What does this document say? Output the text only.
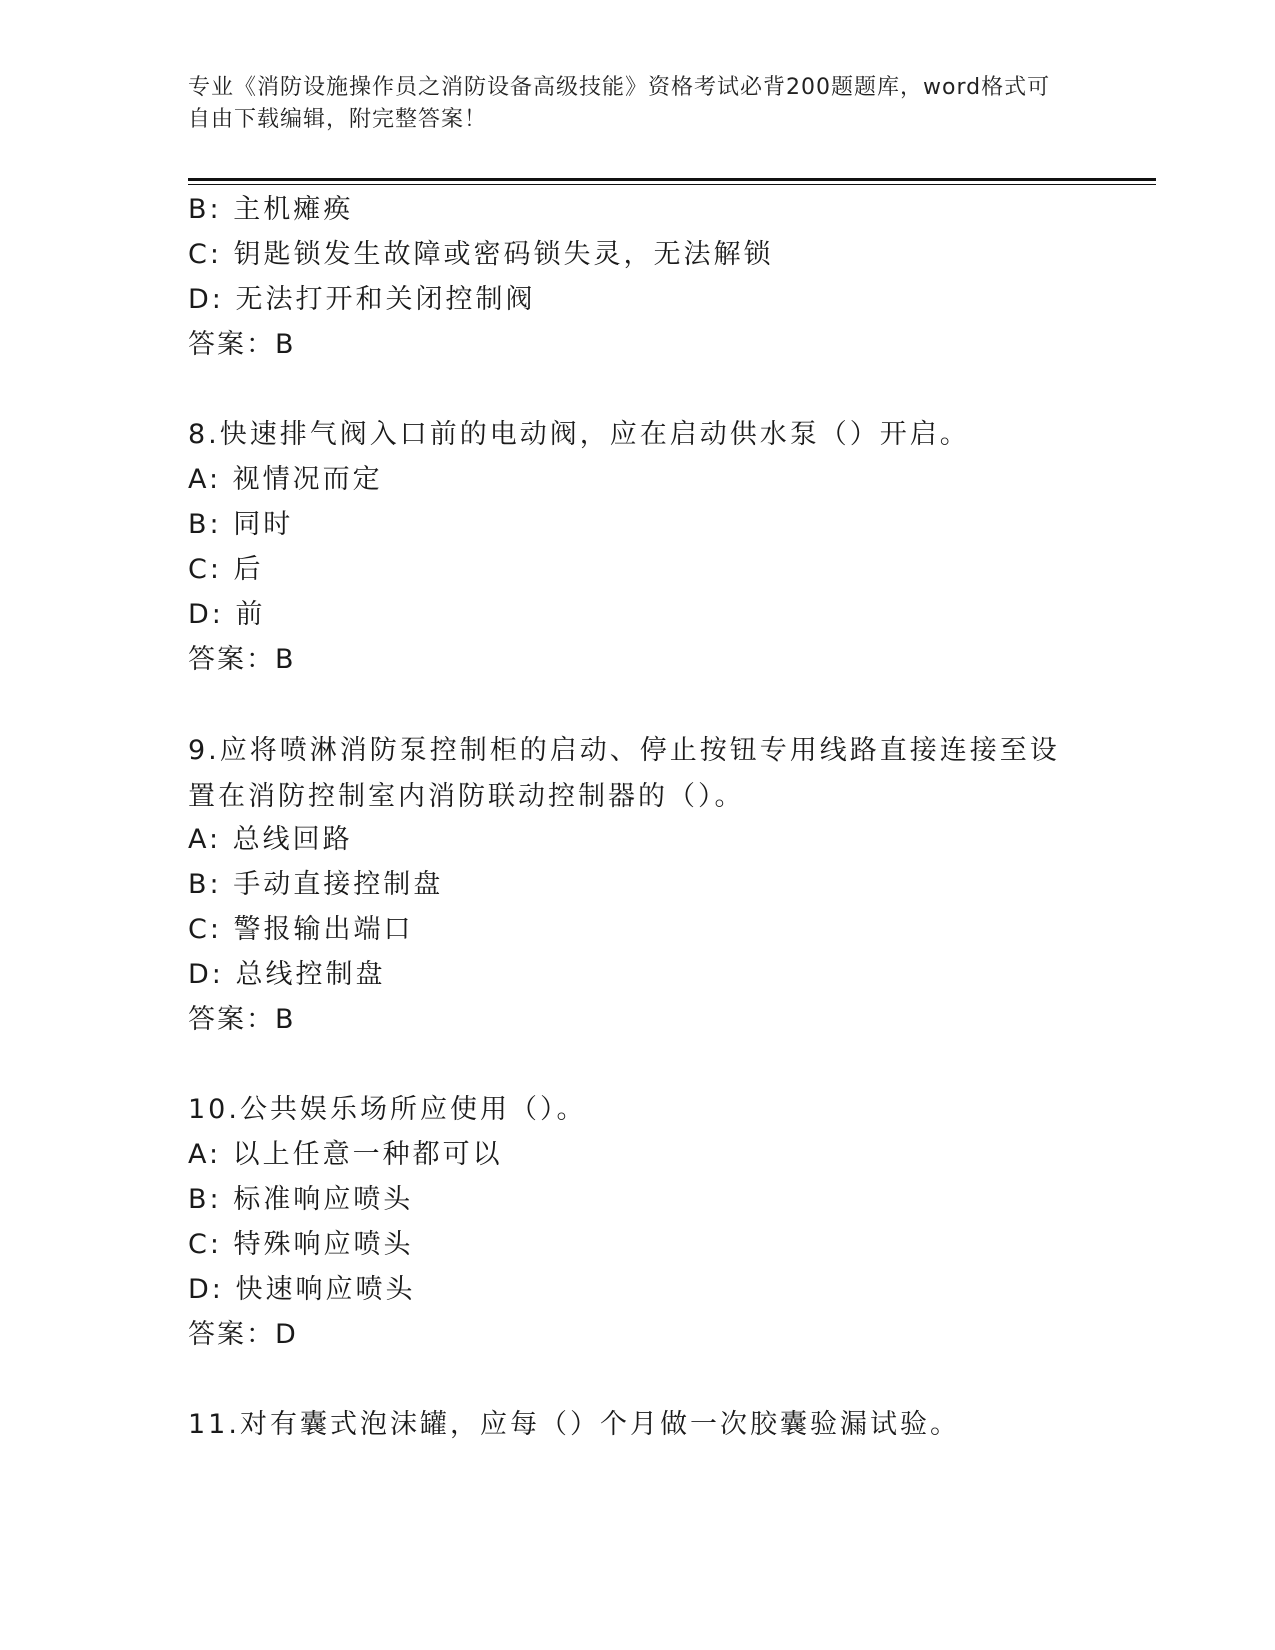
专业《消防设施操作员之消防设备高级技能》资格考试必背200题题库，word格式可自由下载编辑，附完整答案！
B: 主机瘫痪
C: 钥匙锁发生故障或密码锁失灵，无法解锁
D: 无法打开和关闭控制阀
答案：B
8.快速排气阀入口前的电动阀，应在启动供水泵（）开启。
A: 视情况而定
B: 同时
C: 后
D: 前
答案：B
9.应将喷淋消防泵控制柜的启动、停止按钮专用线路直接连接至设置在消防控制室内消防联动控制器的（）。
A: 总线回路
B: 手动直接控制盘
C: 警报输出端口
D: 总线控制盘
答案：B
10.公共娱乐场所应使用（）。
A: 以上任意一种都可以
B: 标准响应喷头
C: 特殊响应喷头
D: 快速响应喷头
答案：D
11.对有囊式泡沫罐，应每（）个月做一次胶囊验漏试验。
